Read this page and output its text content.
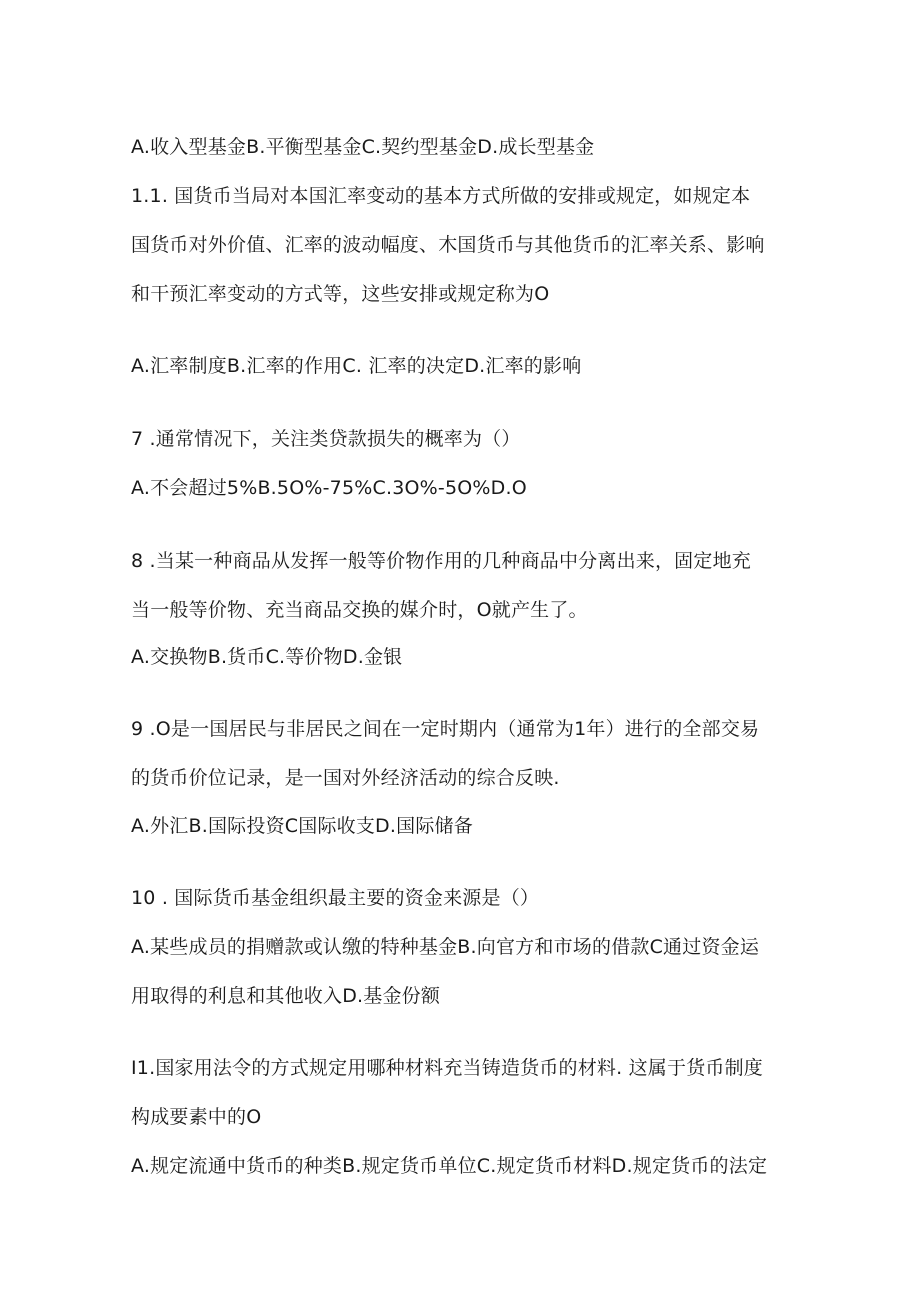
A.收入型基金B.平衡型基金C.契约型基金D.成长型基金
1.1. 国货币当局对本国汇率变动的基本方式所做的安排或规定，如规定本
国货币对外价值、汇率的波动幅度、木国货币与其他货币的汇率关系、影响
和干预汇率变动的方式等，这些安排或规定称为O
A.汇率制度B.汇率的作用C. 汇率的决定D.汇率的影响
7 .通常情况下，关注类贷款损失的概率为（）
A.不会超过5%B.5O%-75%C.3O%-5O%D.O
8 .当某一种商品从发挥一般等价物作用的几种商品中分离出来，固定地充
当一般等价物、充当商品交换的媒介时，O就产生了。
A.交换物B.货币C.等价物D.金银
9 .O是一国居民与非居民之间在一定时期内（通常为1年）进行的全部交易
的货币价位记录，是一国对外经济活动的综合反映.
A.外汇B.国际投资C国际收支D.国际储备
10 . 国际货币基金组织最主要的资金来源是（）
A.某些成员的捐赠款或认缴的特种基金B.向官方和市场的借款C通过资金运
用取得的利息和其他收入D.基金份额
I1.国家用法令的方式规定用哪种材料充当铸造货币的材料. 这属于货币制度
构成要素中的O
A.规定流通中货币的种类B.规定货币单位C.规定货币材料D.规定货币的法定
